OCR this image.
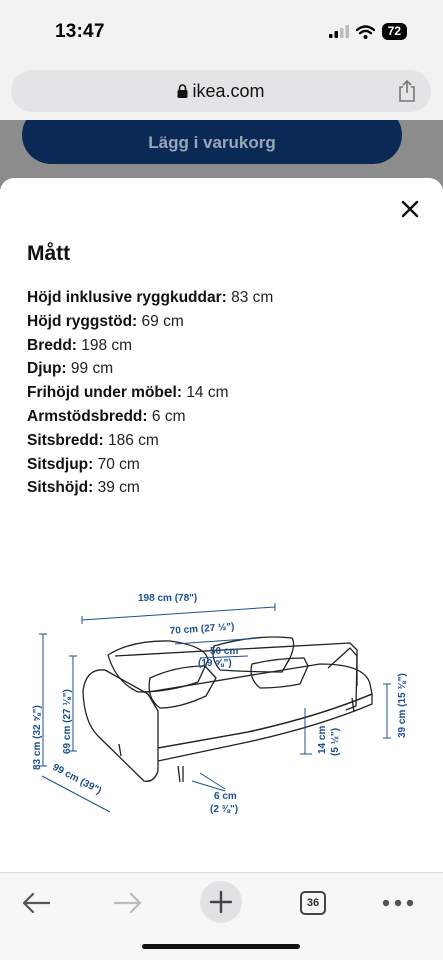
13:47	72
ikea.com
Lägg i varukorg
Mått
Höjd inklusive ryggkuddar: 83 cm
Höjd ryggstöd: 69 cm
Bredd: 198 cm
Djup: 99 cm
Frihöjd under möbel: 14 cm
Armstödsbredd: 6 cm
Sitsbredd: 186 cm
Sitsdjup: 70 cm
Sitshöjd: 39 cm
198 cm (78")
70 cm (27 ½")
50 cm
(19 ⅝")
83 cm (32 ⅝") 69 cm (27 ⅛")	39 cm (15 ⅜")
14 cm (5 ½")
6 cm
(2 ⅜")
99 cm (39")
36
